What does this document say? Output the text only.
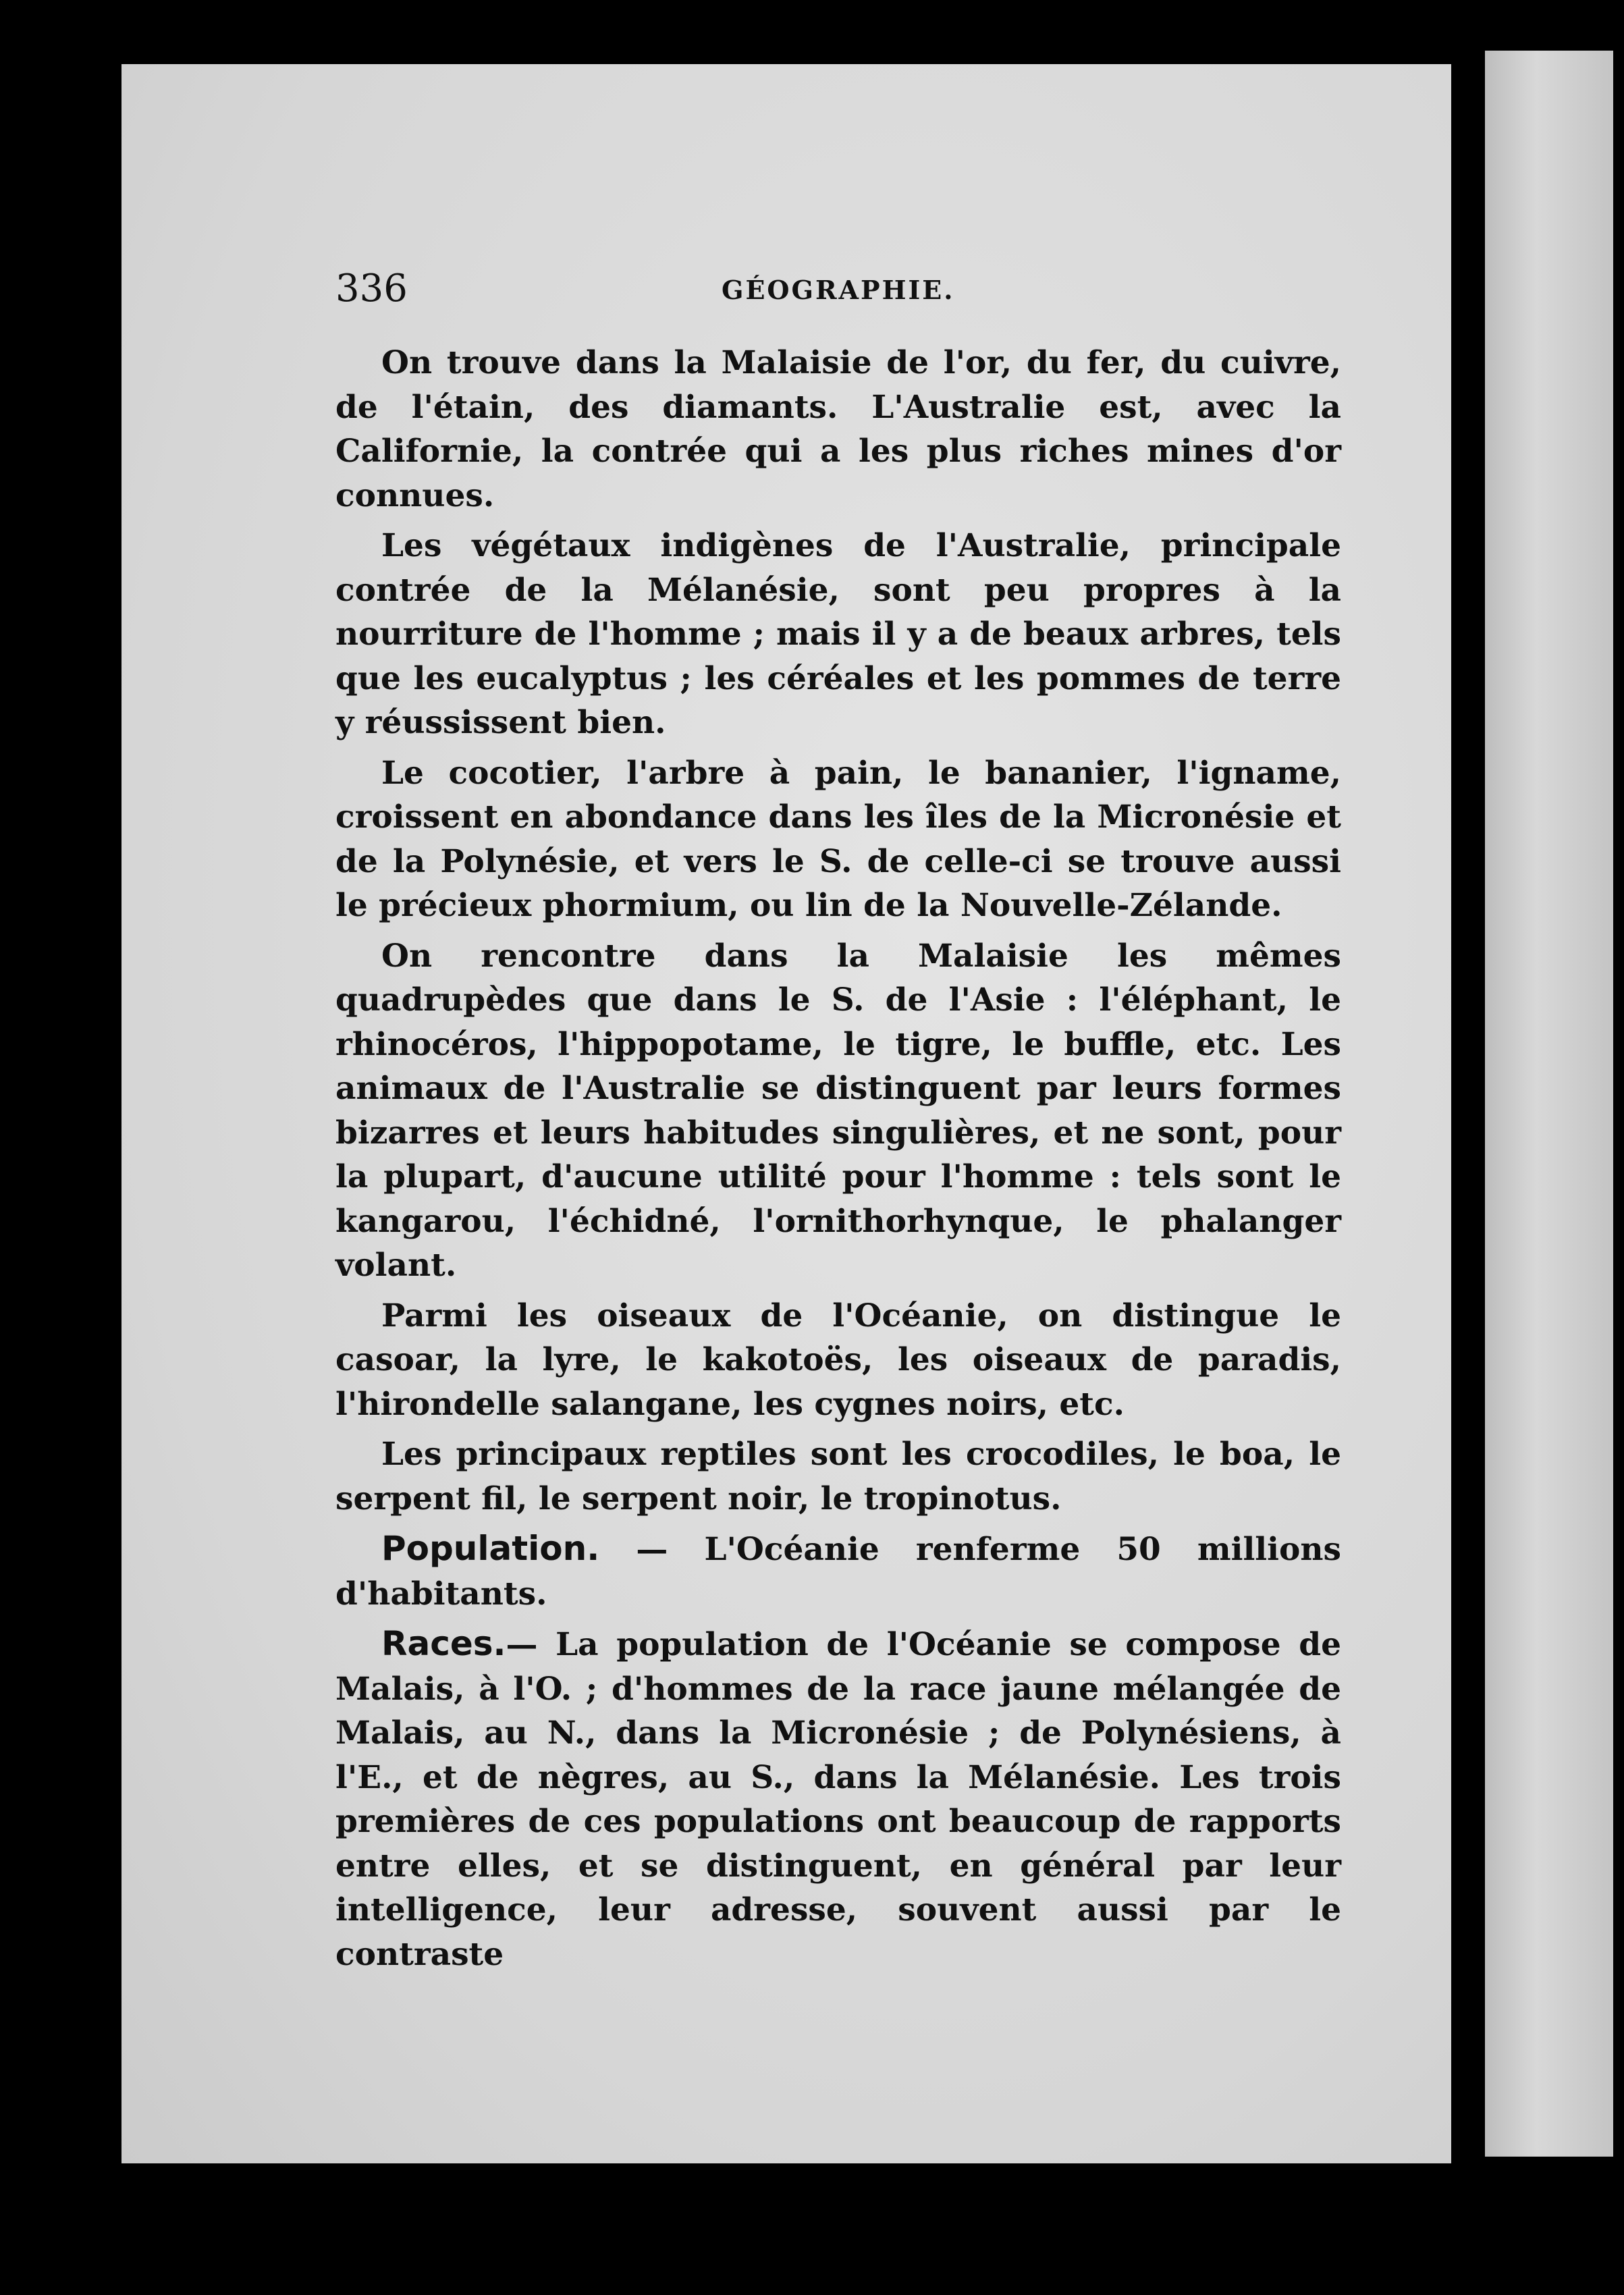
336	GÉOGRAPHIE.

On trouve dans la Malaisie de l'or, du fer, du cuivre, de l'étain, des diamants. L'Australie est, avec la Californie, la contrée qui a les plus riches mines d'or connues.

Les végétaux indigènes de l'Australie, principale contrée de la Mélanésie, sont peu propres à la nourriture de l'homme ; mais il y a de beaux arbres, tels que les eucalyptus ; les céréales et les pommes de terre y réussissent bien.

Le cocotier, l'arbre à pain, le bananier, l'igname, croissent en abondance dans les îles de la Micronésie et de la Polynésie, et vers le S. de celle-ci se trouve aussi le précieux phormium, ou lin de la Nouvelle-Zélande.

On rencontre dans la Malaisie les mêmes quadrupèdes que dans le S. de l'Asie : l'éléphant, le rhinocéros, l'hippopotame, le tigre, le buffle, etc. Les animaux de l'Australie se distinguent par leurs formes bizarres et leurs habitudes singulières, et ne sont, pour la plupart, d'aucune utilité pour l'homme : tels sont le kangarou, l'échidné, l'ornithorhynque, le phalanger volant.

Parmi les oiseaux de l'Océanie, on distingue le casoar, la lyre, le kakotoës, les oiseaux de paradis, l'hirondelle salangane, les cygnes noirs, etc.

Les principaux reptiles sont les crocodiles, le boa, le serpent fil, le serpent noir, le tropinotus.

Population. — L'Océanie renferme 50 millions d'habitants.

Races.— La population de l'Océanie se compose de Malais, à l'O. ; d'hommes de la race jaune mélangée de Malais, au N., dans la Micronésie ; de Polynésiens, à l'E., et de nègres, au S., dans la Mélanésie. Les trois premières de ces populations ont beaucoup de rapports entre elles, et se distinguent, en général par leur intelligence, leur adresse, souvent aussi par le contraste
